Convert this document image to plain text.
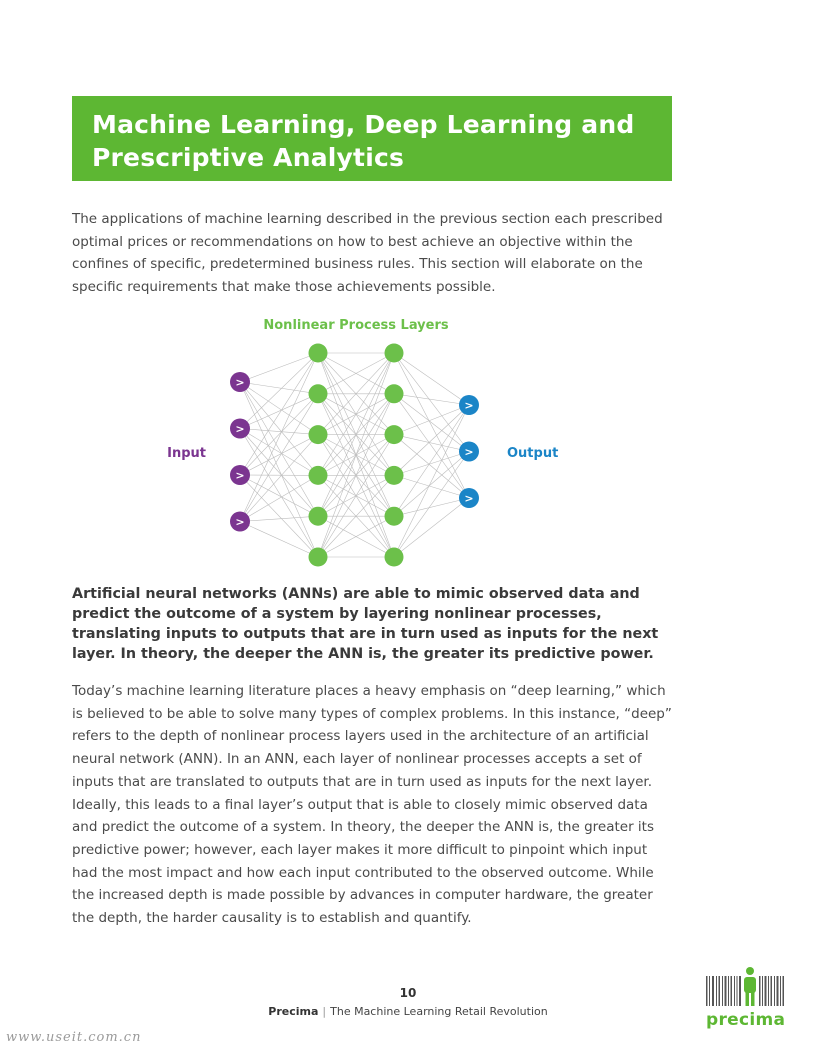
Machine Learning, Deep Learning and Prescriptive Analytics

The applications of machine learning described in the previous section each prescribed optimal prices or recommendations on how to best achieve an objective within the confines of specific, predetermined business rules. This section will elaborate on the specific requirements that make those achievements possible.

>
>
>
>
>
>
>
Nonlinear Process Layers
Input	Output

Artificial neural networks (ANNs) are able to mimic observed data and predict the outcome of a system by layering nonlinear processes, translating inputs to outputs that are in turn used as inputs for the next layer. In theory, the deeper the ANN is, the greater its predictive power.

Today’s machine learning literature places a heavy emphasis on “deep learning,” which is believed to be able to solve many types of complex problems. In this instance, “deep” refers to the depth of nonlinear process layers used in the architecture of an artificial neural network (ANN). In an ANN, each layer of nonlinear processes accepts a set of inputs that are translated to outputs that are in turn used as inputs for the next layer. Ideally, this leads to a final layer’s output that is able to closely mimic observed data and predict the outcome of a system. In theory, the deeper the ANN is, the greater its predictive power; however, each layer makes it more difficult to pinpoint which input had the most impact and how each input contributed to the observed outcome. While the increased depth is made possible by advances in computer hardware, the greater the depth, the harder causality is to establish and quantify.

10
Precima | The Machine Learning Retail Revolution	precima
www.useit.com.cn
